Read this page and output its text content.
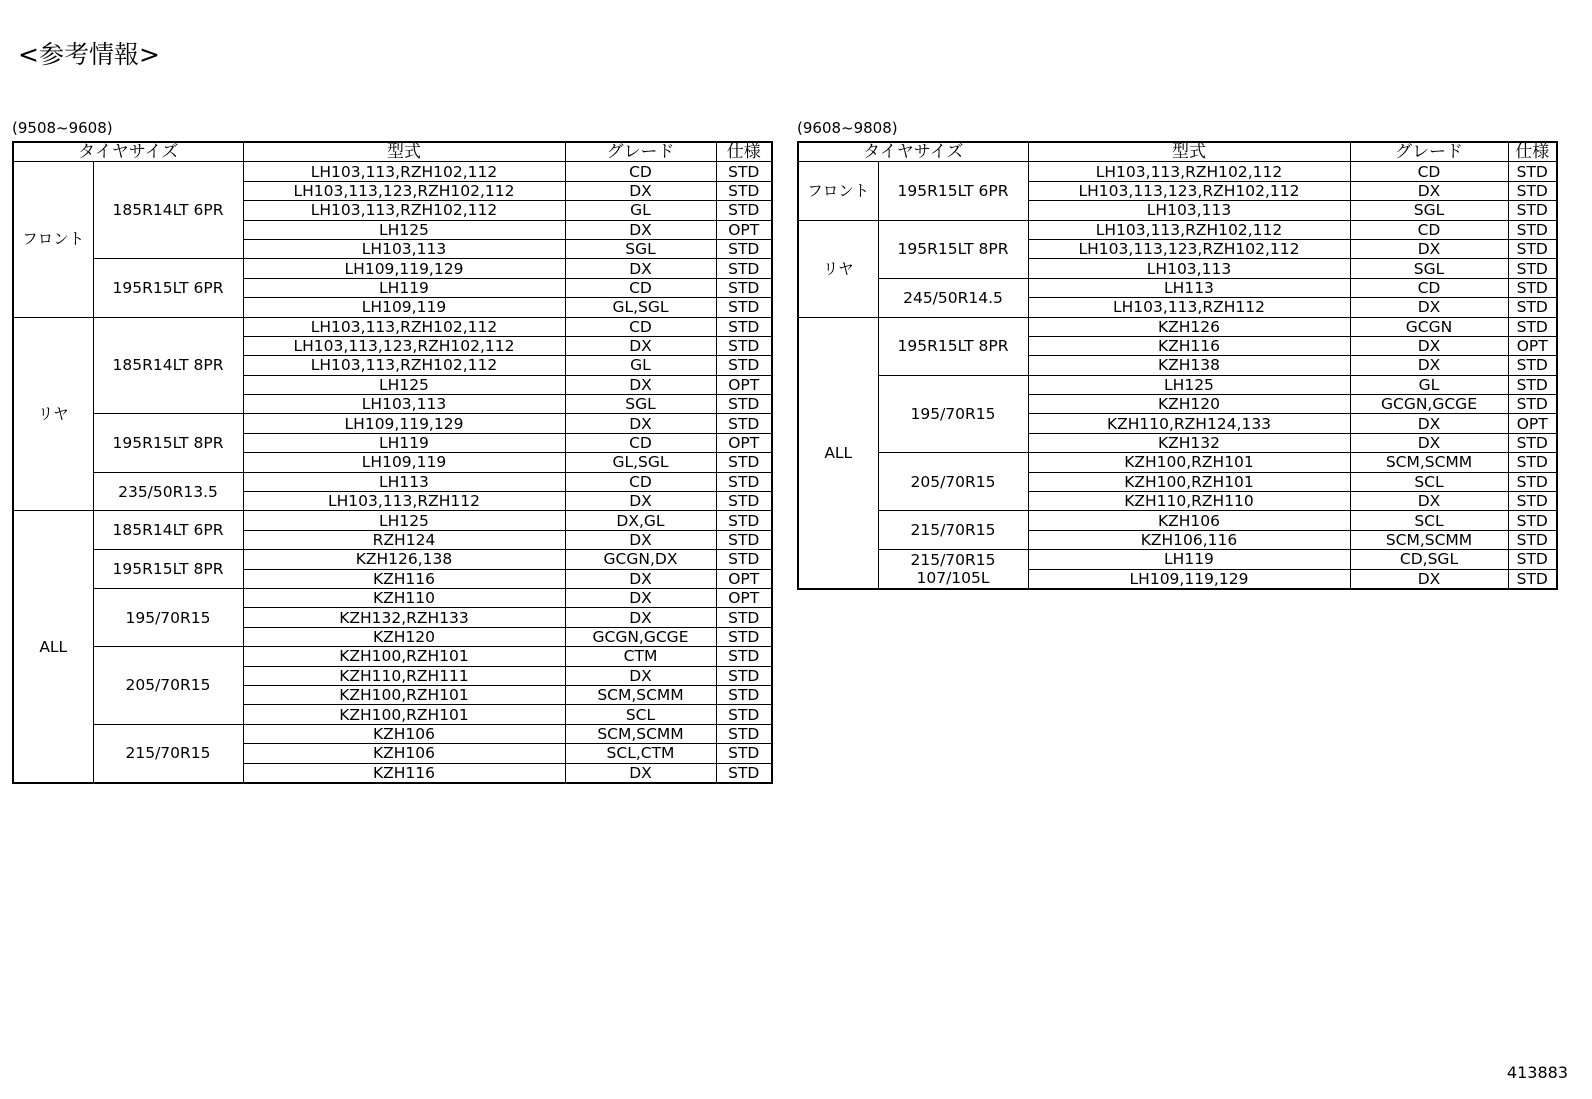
<参考情報>
(9508~9608)
タイヤサイズ		型式	グレード	仕様
フロント	185R14LT 6PR	LH103,113,RZH102,112	CD	STD
		LH103,113,123,RZH102,112	DX	STD
		LH103,113,RZH102,112	GL	STD
		LH125	DX	OPT
		LH103,113	SGL	STD
	195R15LT 6PR	LH109,119,129	DX	STD
		LH119	CD	STD
		LH109,119	GL,SGL	STD
リヤ	185R14LT 8PR	LH103,113,RZH102,112	CD	STD
		LH103,113,123,RZH102,112	DX	STD
		LH103,113,RZH102,112	GL	STD
		LH125	DX	OPT
		LH103,113	SGL	STD
	195R15LT 8PR	LH109,119,129	DX	STD
		LH119	CD	OPT
		LH109,119	GL,SGL	STD
	235/50R13.5	LH113	CD	STD
		LH103,113,RZH112	DX	STD
ALL	185R14LT 6PR	LH125	DX,GL	STD
		RZH124	DX	STD
	195R15LT 8PR	KZH126,138	GCGN,DX	STD
		KZH116	DX	OPT
	195/70R15	KZH110	DX	OPT
		KZH132,RZH133	DX	STD
		KZH120	GCGN,GCGE	STD
	205/70R15	KZH100,RZH101	CTM	STD
		KZH110,RZH111	DX	STD
		KZH100,RZH101	SCM,SCMM	STD
		KZH100,RZH101	SCL	STD
	215/70R15	KZH106	SCM,SCMM	STD
		KZH106	SCL,CTM	STD
		KZH116	DX	STD
(9608~9808)
タイヤサイズ		型式	グレード	仕様
フロント	195R15LT 6PR	LH103,113,RZH102,112	CD	STD
		LH103,113,123,RZH102,112	DX	STD
		LH103,113	SGL	STD
リヤ	195R15LT 8PR	LH103,113,RZH102,112	CD	STD
		LH103,113,123,RZH102,112	DX	STD
		LH103,113	SGL	STD
	245/50R14.5	LH113	CD	STD
		LH103,113,RZH112	DX	STD
ALL	195R15LT 8PR	KZH126	GCGN	STD
		KZH116	DX	OPT
		KZH138	DX	STD
	195/70R15	LH125	GL	STD
		KZH120	GCGN,GCGE	STD
		KZH110,RZH124,133	DX	OPT
		KZH132	DX	STD
	205/70R15	KZH100,RZH101	SCM,SCMM	STD
		KZH100,RZH101	SCL	STD
		KZH110,RZH110	DX	STD
	215/70R15	KZH106	SCL	STD
		KZH106,116	SCM,SCMM	STD
	215/70R15
107/105L	LH119	CD,SGL	STD
		LH109,119,129	DX	STD
413883
